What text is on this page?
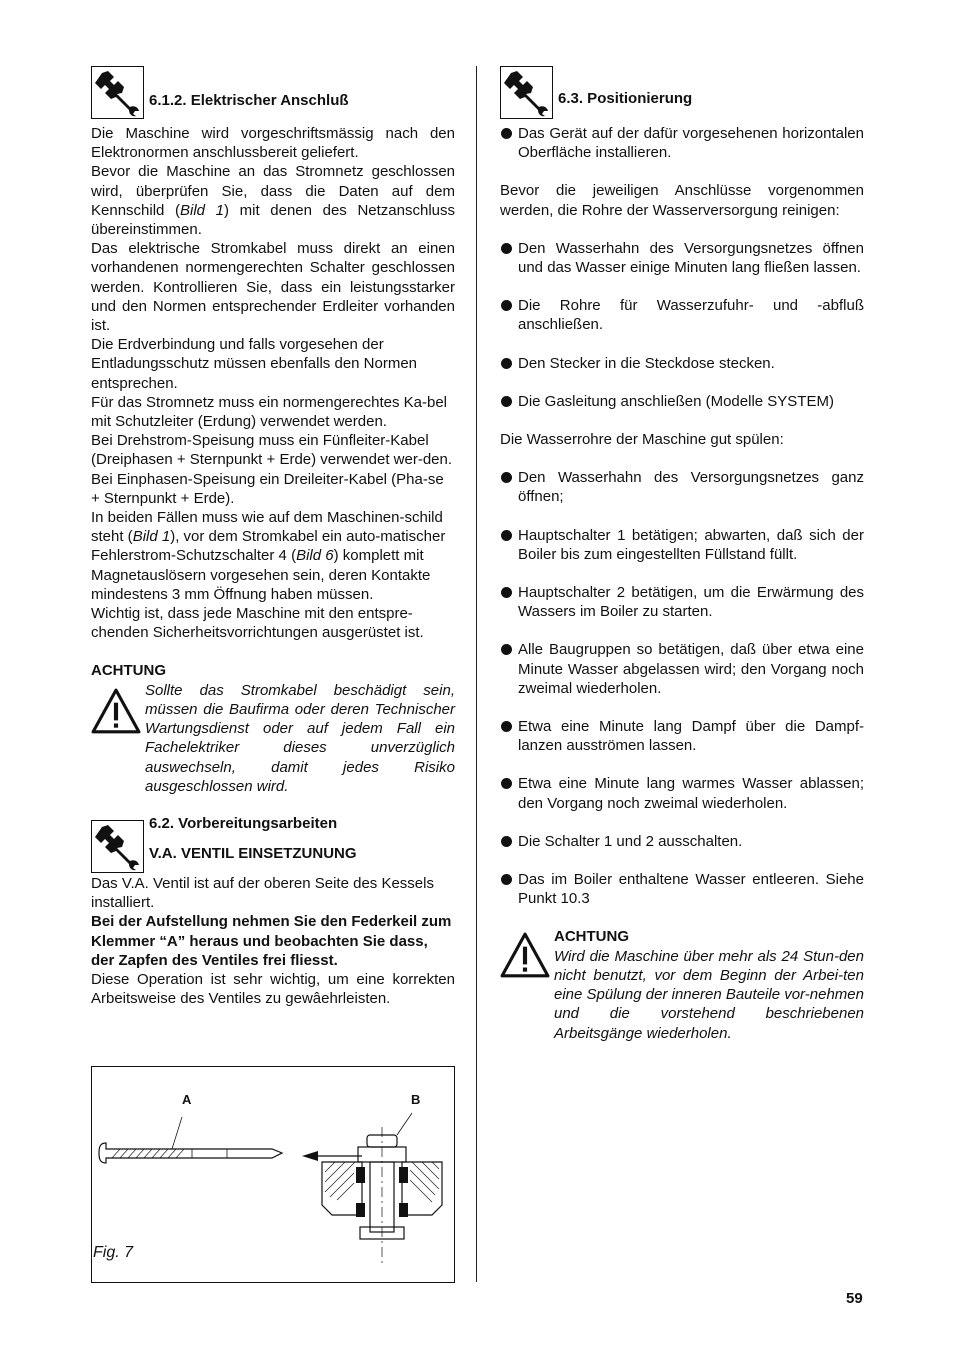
6.1.2. Elektrischer Anschluß

Die Maschine wird vorgeschriftsmässig nach den Elektronormen anschlussbereit geliefert.

Bevor die Maschine an das Stromnetz geschlossen wird, überprüfen Sie, dass die Daten auf dem Kennschild (Bild 1) mit denen des Netzanschluss übereinstimmen.

Das elektrische Stromkabel muss direkt an einen vorhandenen normengerechten Schalter geschlossen werden. Kontrollieren Sie, dass ein leistungsstarker und den Normen entsprechender Erdleiter vorhanden ist.

Die Erdverbindung und falls vorgesehen der Entladungsschutz müssen ebenfalls den Normen entsprechen.

Für das Stromnetz muss ein normengerechtes Ka-bel mit Schutzleiter (Erdung) verwendet werden.

Bei Drehstrom-Speisung muss ein Fünfleiter-Kabel (Dreiphasen + Sternpunkt + Erde) verwendet wer-den.

Bei Einphasen-Speisung ein Dreileiter-Kabel (Pha-se + Sternpunkt + Erde).

In beiden Fällen muss wie auf dem Maschinen-schild steht (Bild 1), vor dem Stromkabel ein auto-matischer Fehlerstrom-Schutzschalter 4 (Bild 6) komplett mit Magnetauslösern vorgesehen sein, deren Kontakte mindestens 3 mm Öffnung haben müssen.

Wichtig ist, dass jede Maschine mit den entspre-chenden Sicherheitsvorrichtungen ausgerüstet ist.

ACHTUNG

Sollte das Stromkabel beschädigt sein, müssen die Baufirma oder deren Technischer Wartungsdienst oder auf jedem Fall ein Fachelektriker dieses unverzüglich auswechseln, damit jedes Risiko ausgeschlossen wird.

6.2. Vorbereitungsarbeiten
V.A. VENTIL EINSETZUNUNG

Das V.A. Ventil ist auf der oberen Seite des Kessels installiert.

Bei der Aufstellung nehmen Sie den Federkeil zum Klemmer “A” heraus und beobachten Sie dass, der Zapfen des Ventiles frei fliesst.

Diese Operation ist sehr wichtig, um eine korrekten Arbeitsweise des Ventiles zu gewâehrleisten.

A	B
Fig. 7
6.3. Positionierung

Das Gerät auf der dafür vorgesehenen horizontalen Oberfläche installieren.

Bevor die jeweiligen Anschlüsse vorgenommen werden, die Rohre der Wasserversorgung reinigen:

Den Wasserhahn des Versorgungsnetzes öffnen und das Wasser einige Minuten lang fließen lassen.

Die Rohre für Wasserzufuhr- und -abfluß anschließen.

Den Stecker in die Steckdose stecken.

Die Gasleitung anschließen (Modelle SYSTEM)

Die Wasserrohre der Maschine gut spülen:

Den Wasserhahn des Versorgungsnetzes ganz öffnen;

Hauptschalter 1 betätigen; abwarten, daß sich der Boiler bis zum eingestellten Füllstand füllt.

Hauptschalter 2 betätigen, um die Erwärmung des Wassers im Boiler zu starten.

Alle Baugruppen so betätigen, daß über etwa eine Minute Wasser abgelassen wird; den Vorgang noch zweimal wiederholen.

Etwa eine Minute lang Dampf über die Dampf-lanzen ausströmen lassen.

Etwa eine Minute lang warmes Wasser ablassen; den Vorgang noch zweimal wiederholen.

Die Schalter 1 und 2 ausschalten.

Das im Boiler enthaltene Wasser entleeren. Siehe Punkt 10.3

ACHTUNG

Wird die Maschine über mehr als 24 Stun-den nicht benutzt, vor dem Beginn der Arbei-ten eine Spülung der inneren Bauteile vor-nehmen und die vorstehend beschriebenen Arbeitsgänge wiederholen.

59
